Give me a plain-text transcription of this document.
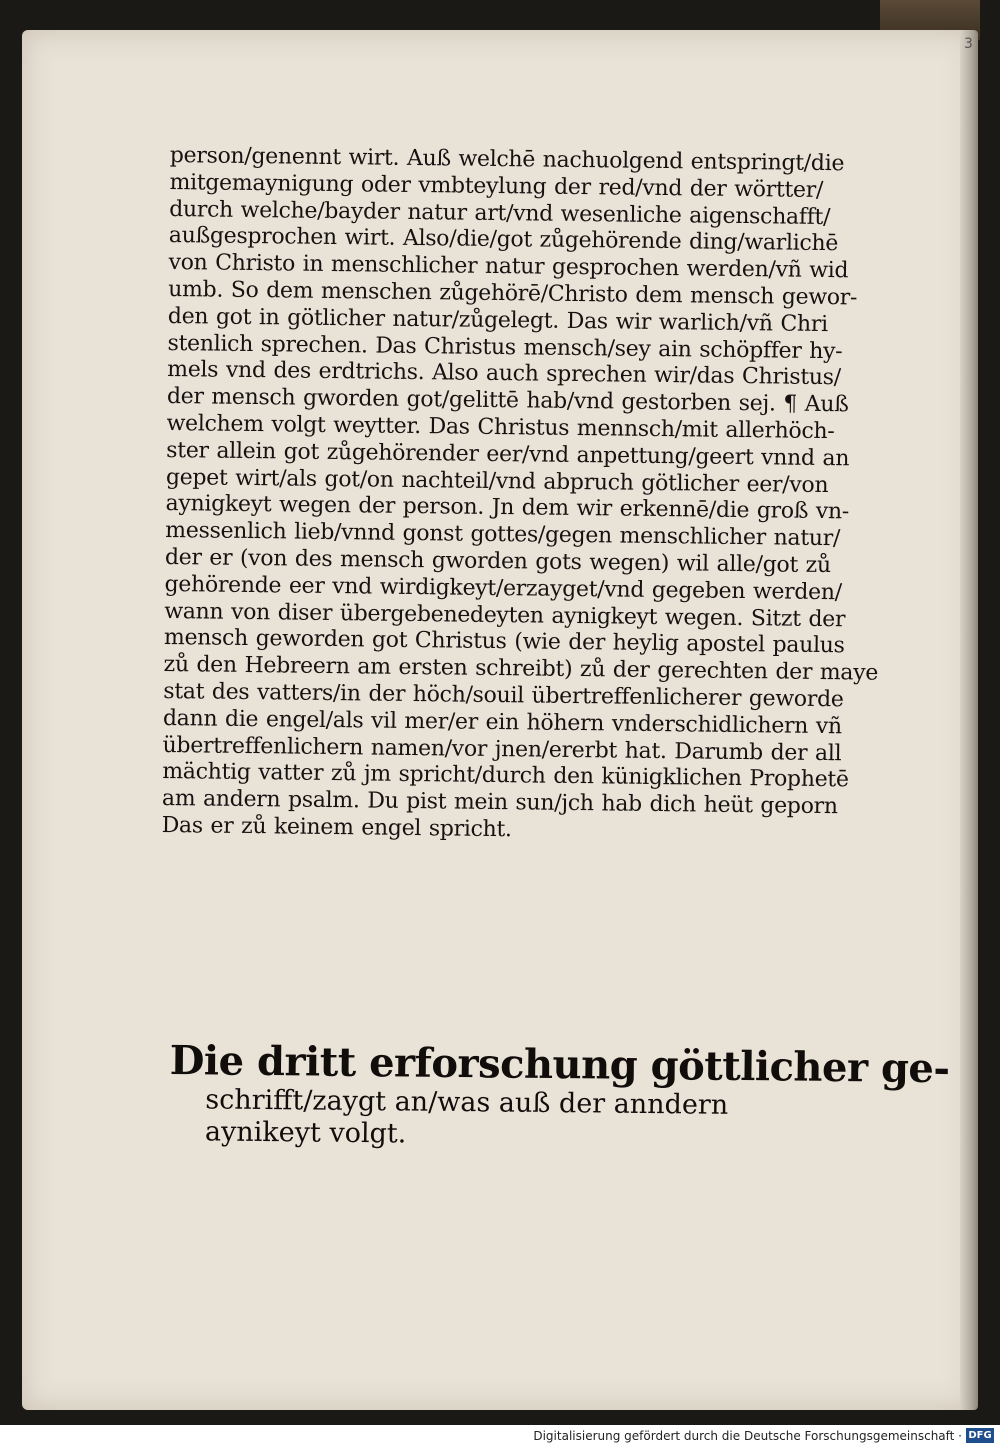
3
person/genennt wirt. Auß welchē nachuolgend entspringt/die
mitgemaynigung oder vmbteylung der red/vnd der wörtter/
durch welche/bayder natur art/vnd wesenliche aigenschafft/
außgesprochen wirt. Also/die/got zůgehörende ding/warlichē
von Christo in menschlicher natur gesprochen werden/vñ wid
umb. So dem menschen zůgehörē/Christo dem mensch gewor-
den got in götlicher natur/zůgelegt. Das wir warlich/vñ Chri
stenlich sprechen. Das Christus mensch/sey ain schöpffer hy-
mels vnd des erdtrichs. Also auch sprechen wir/das Christus/
der mensch gworden got/gelittē hab/vnd gestorben sej. ¶ Auß
welchem volgt weytter. Das Christus mennsch/mit allerhöch-
ster allein got zůgehörender eer/vnd anpettung/geert vnnd an
gepet wirt/als got/on nachteil/vnd abpruch götlicher eer/von
aynigkeyt wegen der person. Jn dem wir erkennē/die groß vn-
messenlich lieb/vnnd gonst gottes/gegen menschlicher natur/
der er (von des mensch gworden gots wegen) wil alle/got zů
gehörende eer vnd wirdigkeyt/erzayget/vnd gegeben werden/
wann von diser übergebenedeyten aynigkeyt wegen. Sitzt der
mensch geworden got Christus (wie der heylig apostel paulus
zů den Hebreern am ersten schreibt) zů der gerechten der maye
stat des vatters/in der höch/souil übertreffenlicherer geworde
dann die engel/als vil mer/er ein höhern vnderschidlichern vñ
übertreffenlichern namen/vor jnen/ererbt hat. Darumb der all
mächtig vatter zů jm spricht/durch den künigklichen Prophetē
am andern psalm. Du pist mein sun/jch hab dich heüt geporn
Das er zů keinem engel spricht.
Die dritt erforschung göttlicher ge-
schrifft/zaygt an/was auß der anndern
aynikeyt volgt.
Digitalisierung gefördert durch die Deutsche Forschungsgemeinschaft · DFG
